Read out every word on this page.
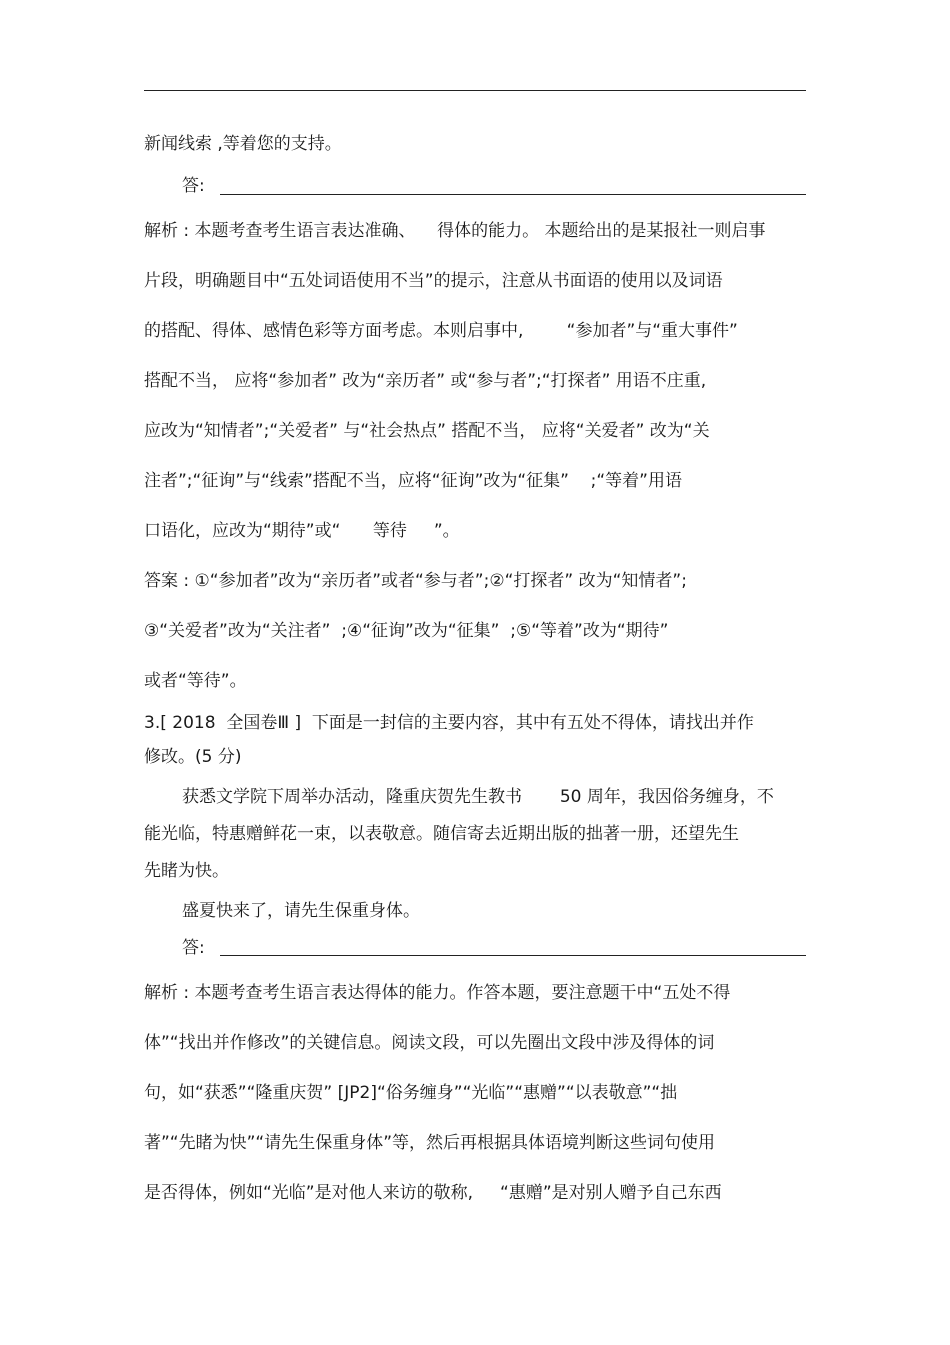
新闻线索 ,等着您的支持。
答:
解析 : 本题考查考生语言表达准确、    得体的能力。 本题给出的是某报社一则启事
片段，明确题目中“五处词语使用不当”的提示，注意从书面语的使用以及词语
的搭配、得体、感情色彩等方面考虑。本则启事中,        “参加者”与“重大事件”
搭配不当， 应将“参加者” 改为“亲历者” 或“参与者”;“打探者” 用语不庄重,
应改为“知情者”;“关爱者” 与“社会热点” 搭配不当， 应将“关爱者” 改为“关
注者”;“征询”与“线索”搭配不当，应将“征询”改为“征集”    ;“等着”用语
口语化，应改为“期待”或“      等待     ”。
答案 : ①“参加者”改为“亲历者”或者“参与者”;②“打探者” 改为“知情者”;
③“关爱者”改为“关注者”  ;④“征询”改为“征集”  ;⑤“等着”改为“期待”
或者“等待”。
3.[ 2018  全国卷Ⅲ ]  下面是一封信的主要内容，其中有五处不得体，请找出并作
修改。(5 分)
获悉文学院下周举办活动，隆重庆贺先生教书       50 周年，我因俗务缠身，不
能光临，特惠赠鲜花一束，以表敬意。随信寄去近期出版的拙著一册，还望先生
先睹为快。
盛夏快来了，请先生保重身体。
答:
解析 : 本题考查考生语言表达得体的能力。作答本题，要注意题干中“五处不得
体”“找出并作修改”的关键信息。阅读文段，可以先圈出文段中涉及得体的词
句，如“获悉”“隆重庆贺” [JP2]“俗务缠身”“光临”“惠赠”“以表敬意”“拙
著”“先睹为快”“请先生保重身体”等，然后再根据具体语境判断这些词句使用
是否得体，例如“光临”是对他人来访的敬称,     “惠赠”是对别人赠予自己东西
